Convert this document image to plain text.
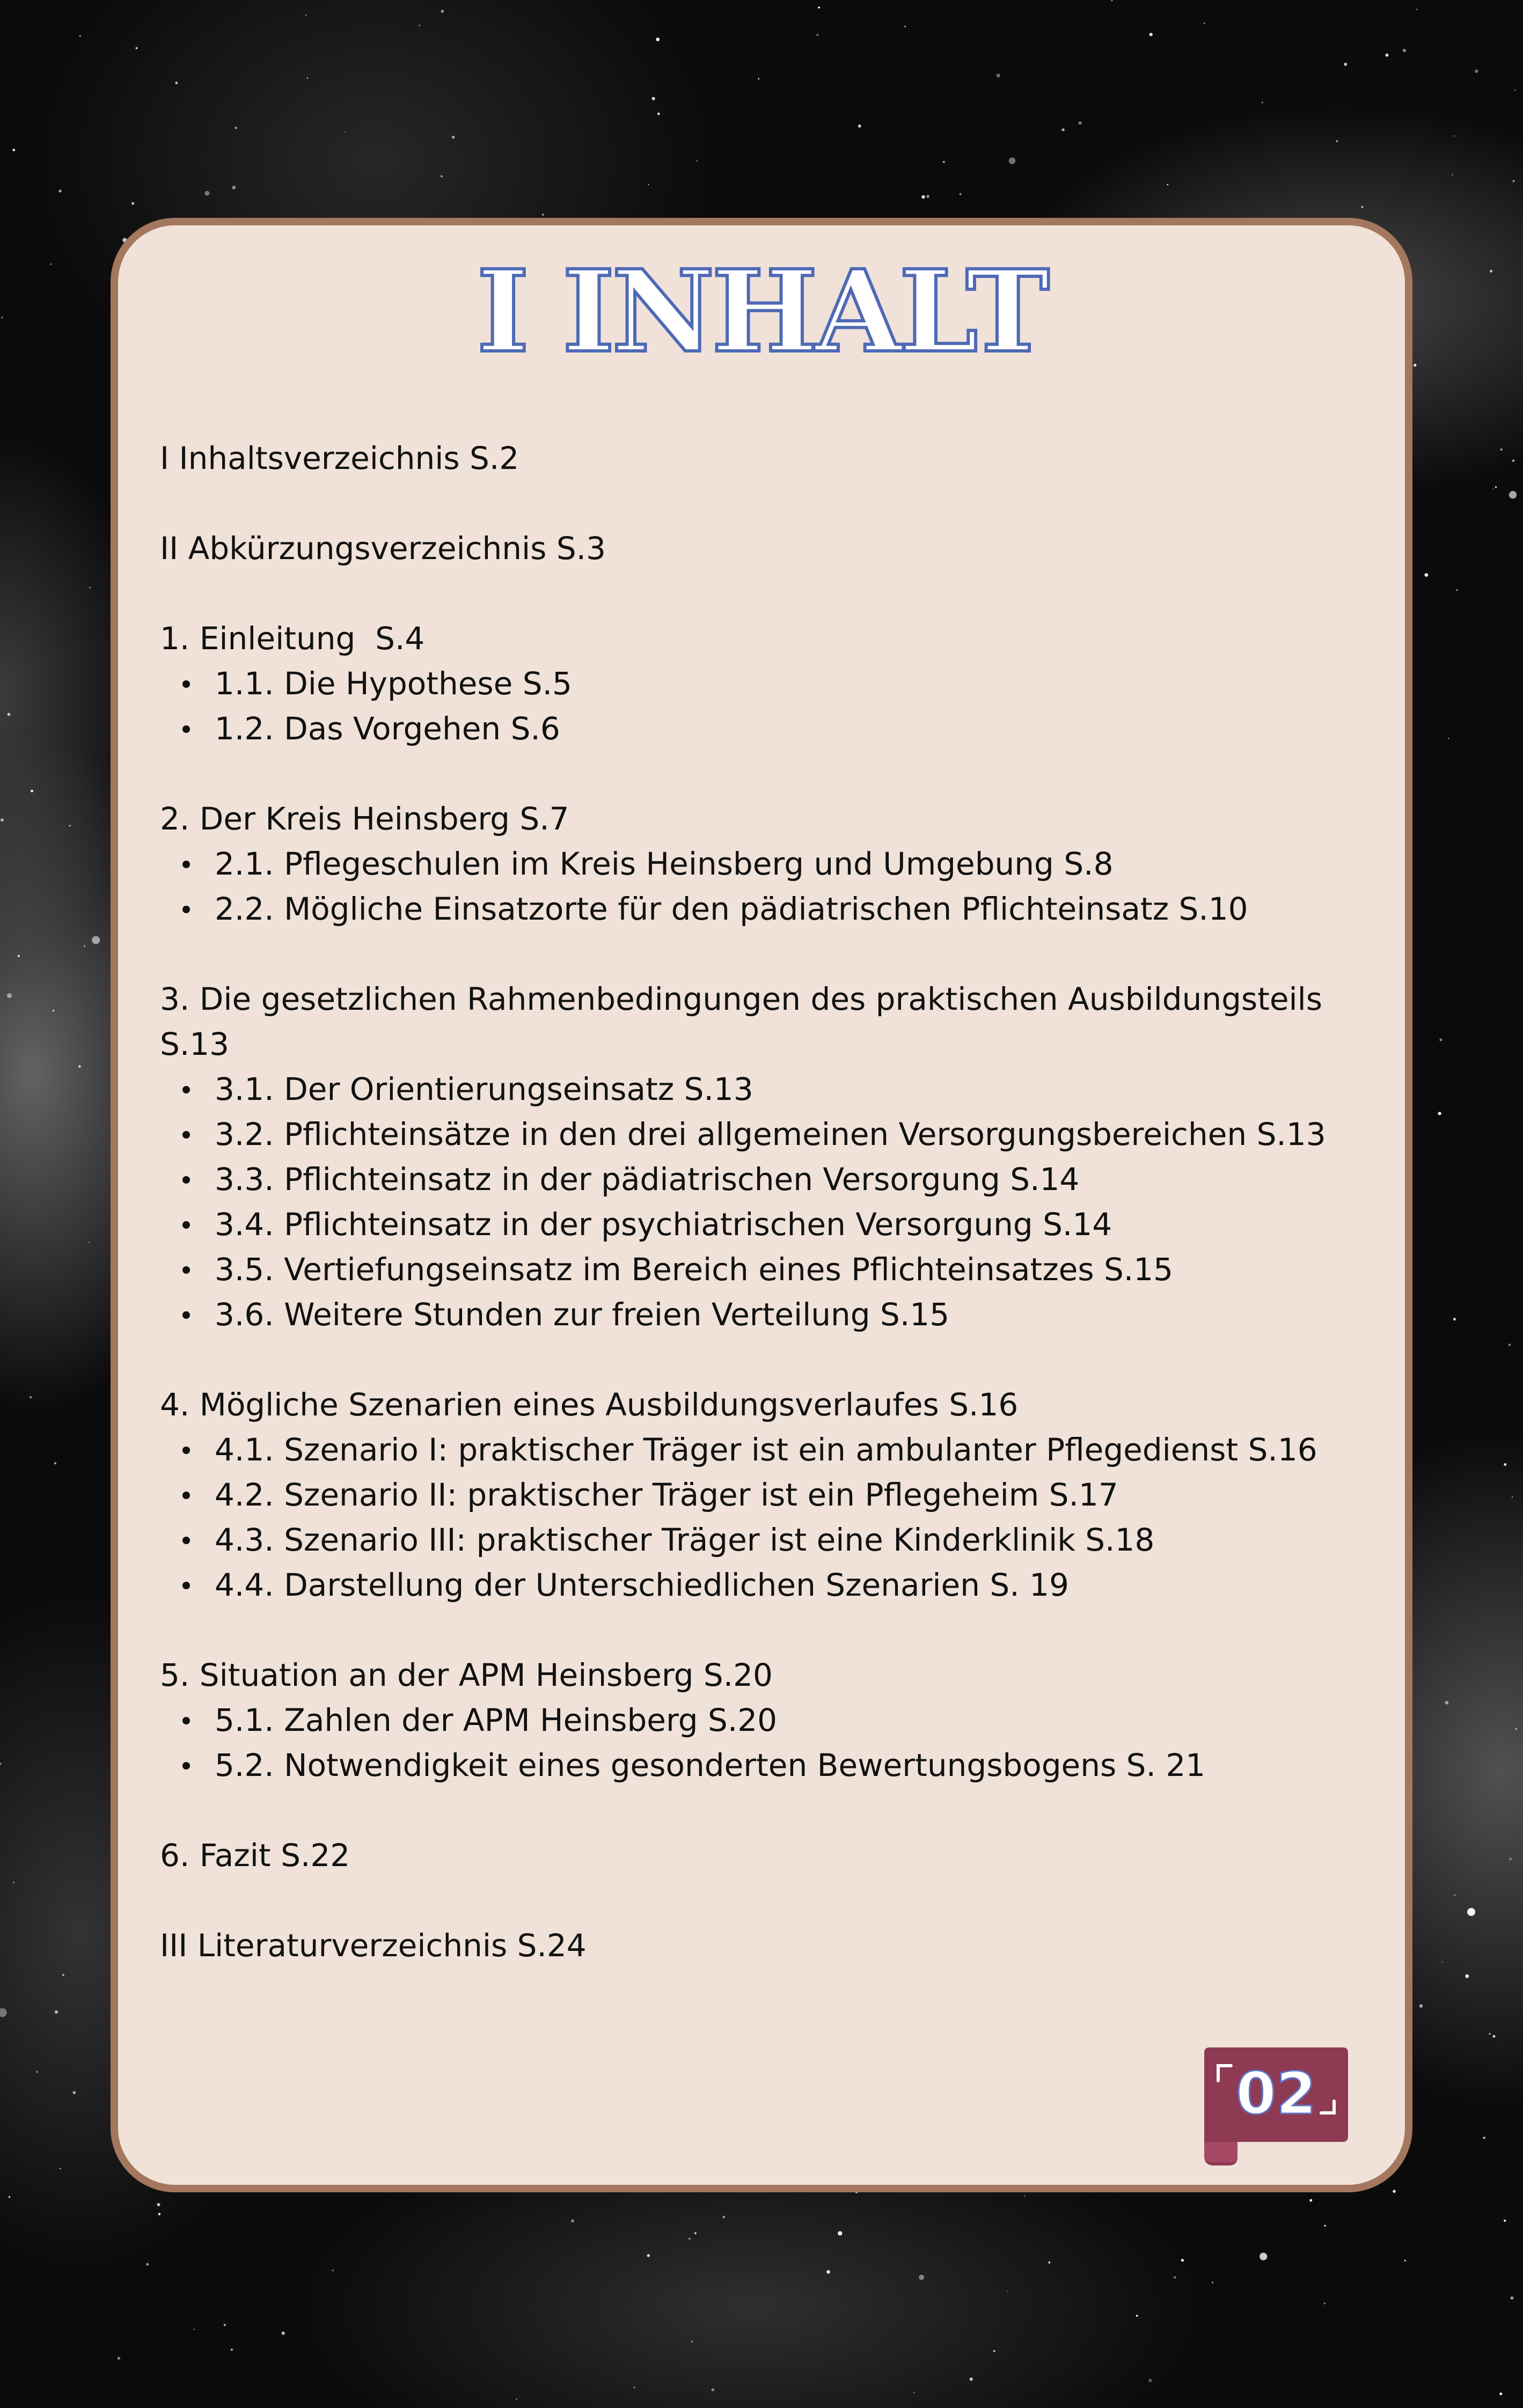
I INHALT
I Inhaltsverzeichnis S.2
II Abkürzungsverzeichnis S.3
1. Einleitung  S.4
1.1. Die Hypothese S.5
1.2. Das Vorgehen S.6
2. Der Kreis Heinsberg S.7
2.1. Pflegeschulen im Kreis Heinsberg und Umgebung S.8
2.2. Mögliche Einsatzorte für den pädiatrischen Pflichteinsatz S.10
3. Die gesetzlichen Rahmenbedingungen des praktischen Ausbildungsteils S.13
3.1. Der Orientierungseinsatz S.13
3.2. Pflichteinsätze in den drei allgemeinen Versorgungsbereichen S.13
3.3. Pflichteinsatz in der pädiatrischen Versorgung S.14
3.4. Pflichteinsatz in der psychiatrischen Versorgung S.14
3.5. Vertiefungseinsatz im Bereich eines Pflichteinsatzes S.15
3.6. Weitere Stunden zur freien Verteilung S.15
4. Mögliche Szenarien eines Ausbildungsverlaufes S.16
4.1. Szenario I: praktischer Träger ist ein ambulanter Pflegedienst S.16
4.2. Szenario II: praktischer Träger ist ein Pflegeheim S.17
4.3. Szenario III: praktischer Träger ist eine Kinderklinik S.18
4.4. Darstellung der Unterschiedlichen Szenarien S. 19
5. Situation an der APM Heinsberg S.20
5.1. Zahlen der APM Heinsberg S.20
5.2. Notwendigkeit eines gesonderten Bewertungsbogens S. 21
6. Fazit S.22
III Literaturverzeichnis S.24
02
